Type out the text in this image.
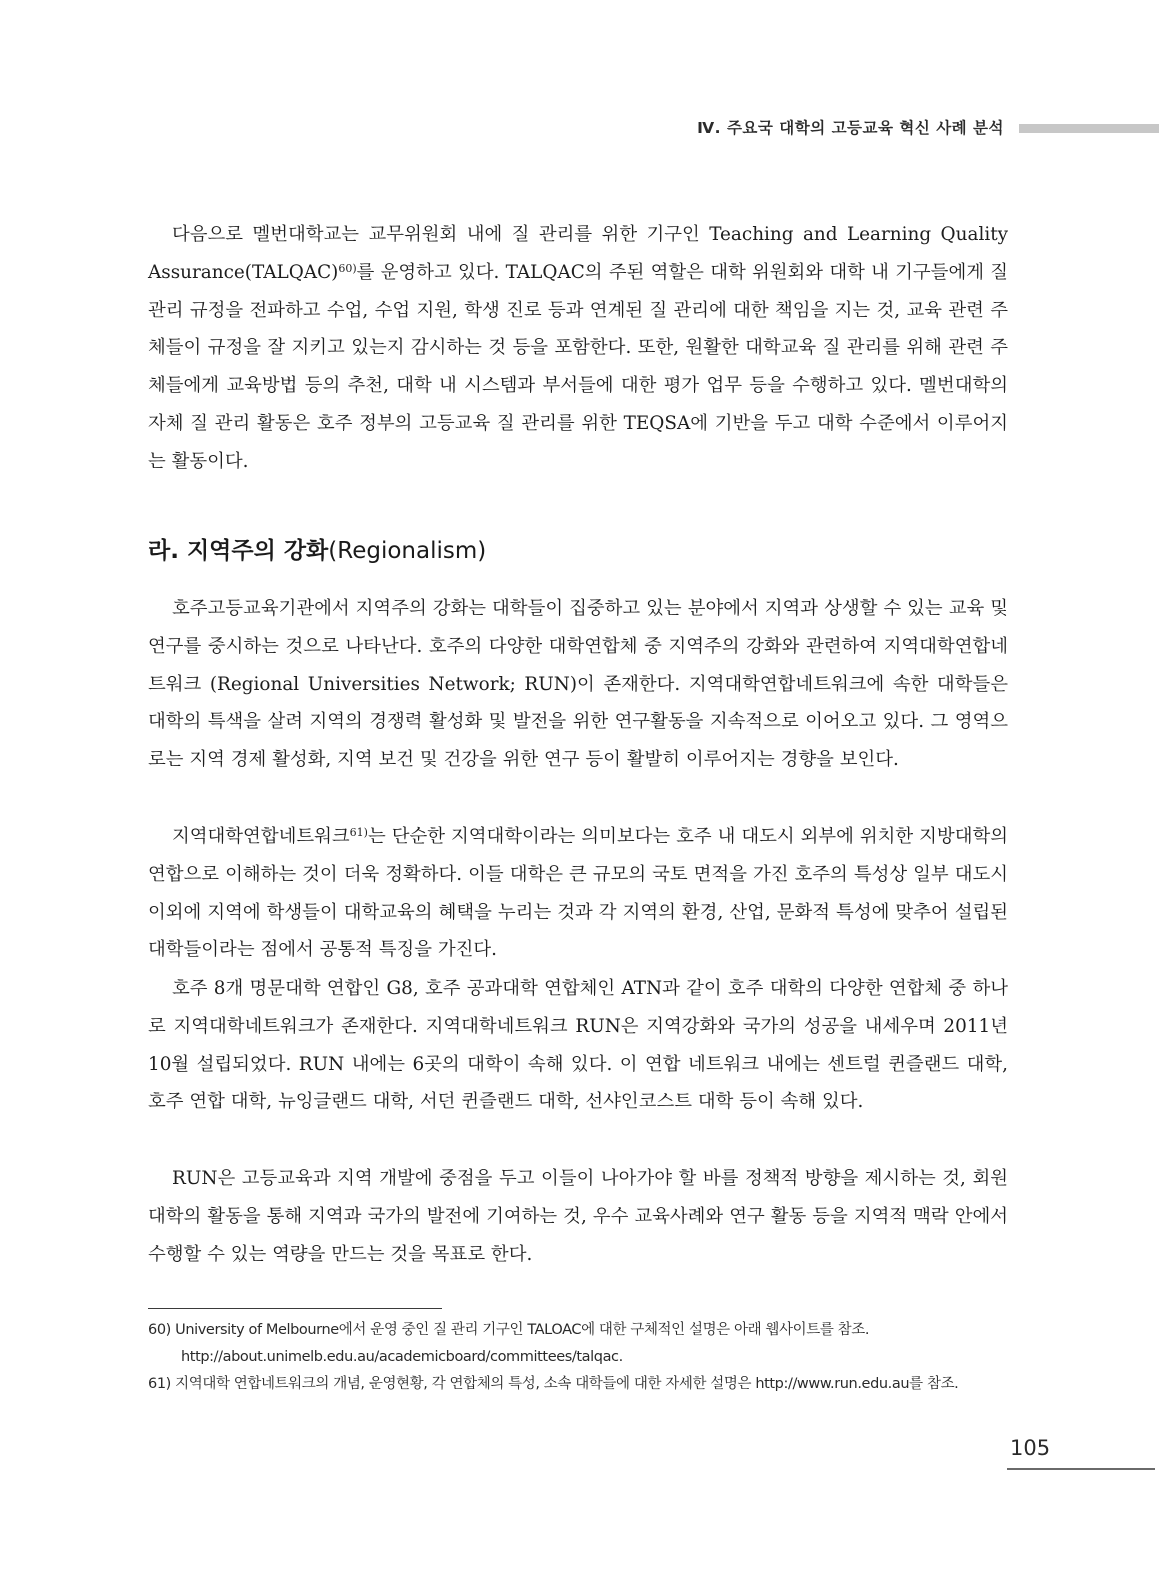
Ⅳ. 주요국 대학의 고등교육 혁신 사례 분석

다음으로 멜번대학교는 교무위원회 내에 질 관리를 위한 기구인 Teaching and Learning Quality Assurance(TALQAC)$^{60)}$를 운영하고 있다. TALQAC의 주된 역할은 대학 위원회와 대학 내 기구들에게 질 관리 규정을 전파하고 수업, 수업 지원, 학생 진로 등과 연계된 질 관리에 대한 책임을 지는 것, 교육 관련 주체들이 규정을 잘 지키고 있는지 감시하는 것 등을 포함한다. 또한, 원활한 대학교육 질 관리를 위해 관련 주체들에게 교육방법 등의 추천, 대학 내 시스템과 부서들에 대한 평가 업무 등을 수행하고 있다. 멜번대학의 자체 질 관리 활동은 호주 정부의 고등교육 질 관리를 위한 TEQSA에 기반을 두고 대학 수준에서 이루어지는 활동이다.

라. 지역주의 강화(Regionalism)

호주고등교육기관에서 지역주의 강화는 대학들이 집중하고 있는 분야에서 지역과 상생할 수 있는 교육 및 연구를 중시하는 것으로 나타난다. 호주의 다양한 대학연합체 중 지역주의 강화와 관련하여 지역대학연합네트워크 (Regional Universities Network; RUN)이 존재한다. 지역대학연합네트워크에 속한 대학들은 대학의 특색을 살려 지역의 경쟁력 활성화 및 발전을 위한 연구활동을 지속적으로 이어오고 있다. 그 영역으로는 지역 경제 활성화, 지역 보건 및 건강을 위한 연구 등이 활발히 이루어지는 경향을 보인다.

지역대학연합네트워크$^{61)}$는 단순한 지역대학이라는 의미보다는 호주 내 대도시 외부에 위치한 지방대학의 연합으로 이해하는 것이 더욱 정확하다. 이들 대학은 큰 규모의 국토 면적을 가진 호주의 특성상 일부 대도시 이외에 지역에 학생들이 대학교육의 혜택을 누리는 것과 각 지역의 환경, 산업, 문화적 특성에 맞추어 설립된 대학들이라는 점에서 공통적 특징을 가진다.

호주 8개 명문대학 연합인 G8, 호주 공과대학 연합체인 ATN과 같이 호주 대학의 다양한 연합체 중 하나로 지역대학네트워크가 존재한다. 지역대학네트워크 RUN은 지역강화와 국가의 성공을 내세우며 2011년 10월 설립되었다. RUN 내에는 6곳의 대학이 속해 있다. 이 연합 네트워크 내에는 센트럴 퀸즐랜드 대학, 호주 연합 대학, 뉴잉글랜드 대학, 서던 퀸즐랜드 대학, 선샤인코스트 대학 등이 속해 있다.

RUN은 고등교육과 지역 개발에 중점을 두고 이들이 나아가야 할 바를 정책적 방향을 제시하는 것, 회원 대학의 활동을 통해 지역과 국가의 발전에 기여하는 것, 우수 교육사례와 연구 활동 등을 지역적 맥락 안에서 수행할 수 있는 역량을 만드는 것을 목표로 한다.

60) University of Melbourne에서 운영 중인 질 관리 기구인 TALOAC에 대한 구체적인 설명은 아래 웹사이트를 참조.
http://about.unimelb.edu.au/academicboard/committees/talqac.
61) 지역대학 연합네트워크의 개념, 운영현황, 각 연합체의 특성, 소속 대학들에 대한 자세한 설명은 http://www.run.edu.au를 참조.
105
